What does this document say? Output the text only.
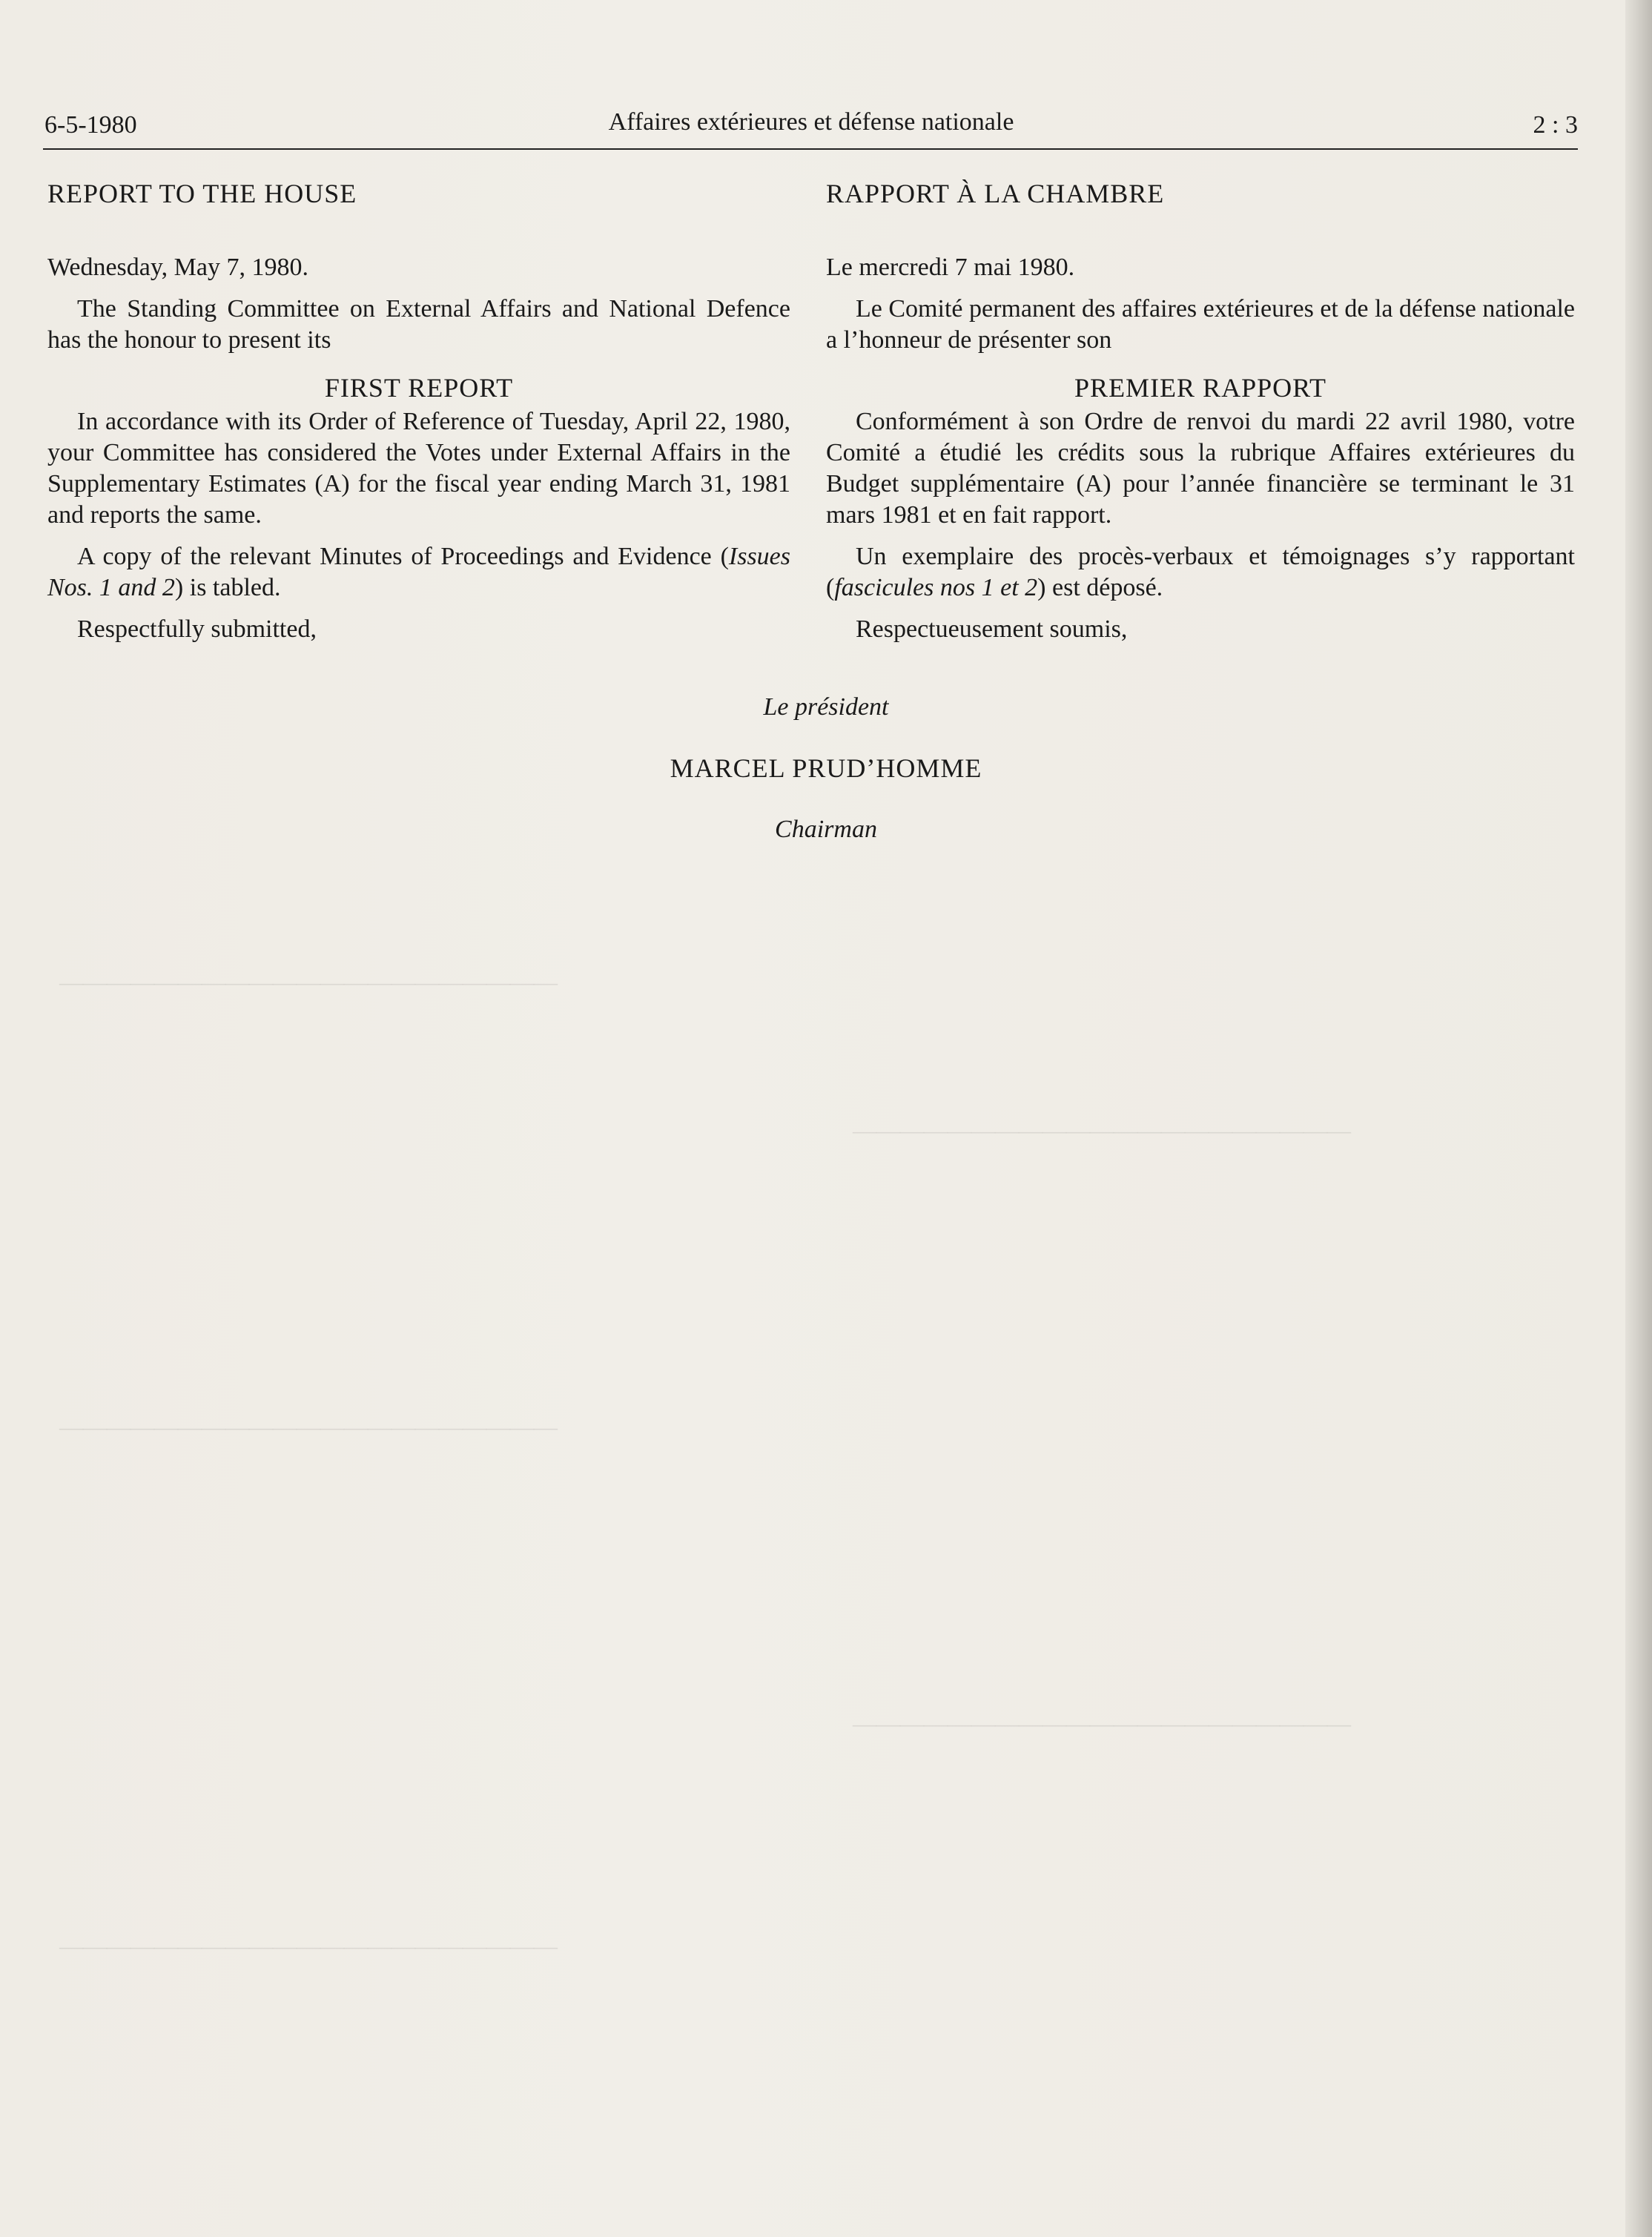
—————————————————————
—————————————————————
—————————————————————
—————————————————————
—————————————————————
6-5-1980	Affaires extérieures et défense nationale	2 : 3
REPORT TO THE HOUSE

Wednesday, May 7, 1980.

The Standing Committee on External Affairs and National Defence has the honour to present its

FIRST REPORT

In accordance with its Order of Reference of Tuesday, April 22, 1980, your Committee has considered the Votes under External Affairs in the Supplementary Estimates (A) for the fiscal year ending March 31, 1981 and reports the same.

A copy of the relevant Minutes of Proceedings and Evidence (Issues Nos. 1 and 2) is tabled.

Respectfully submitted,

RAPPORT À LA CHAMBRE

Le mercredi 7 mai 1980.

Le Comité permanent des affaires extérieures et de la défense nationale a l’honneur de présenter son

PREMIER RAPPORT

Conformément à son Ordre de renvoi du mardi 22 avril 1980, votre Comité a étudié les crédits sous la rubrique Affaires extérieures du Budget supplémentaire (A) pour l’année financière se terminant le 31 mars 1981 et en fait rapport.

Un exemplaire des procès-verbaux et témoignages s’y rapportant (fascicules nos 1 et 2) est déposé.

Respectueusement soumis,

Le président
MARCEL PRUD’HOMME
Chairman
